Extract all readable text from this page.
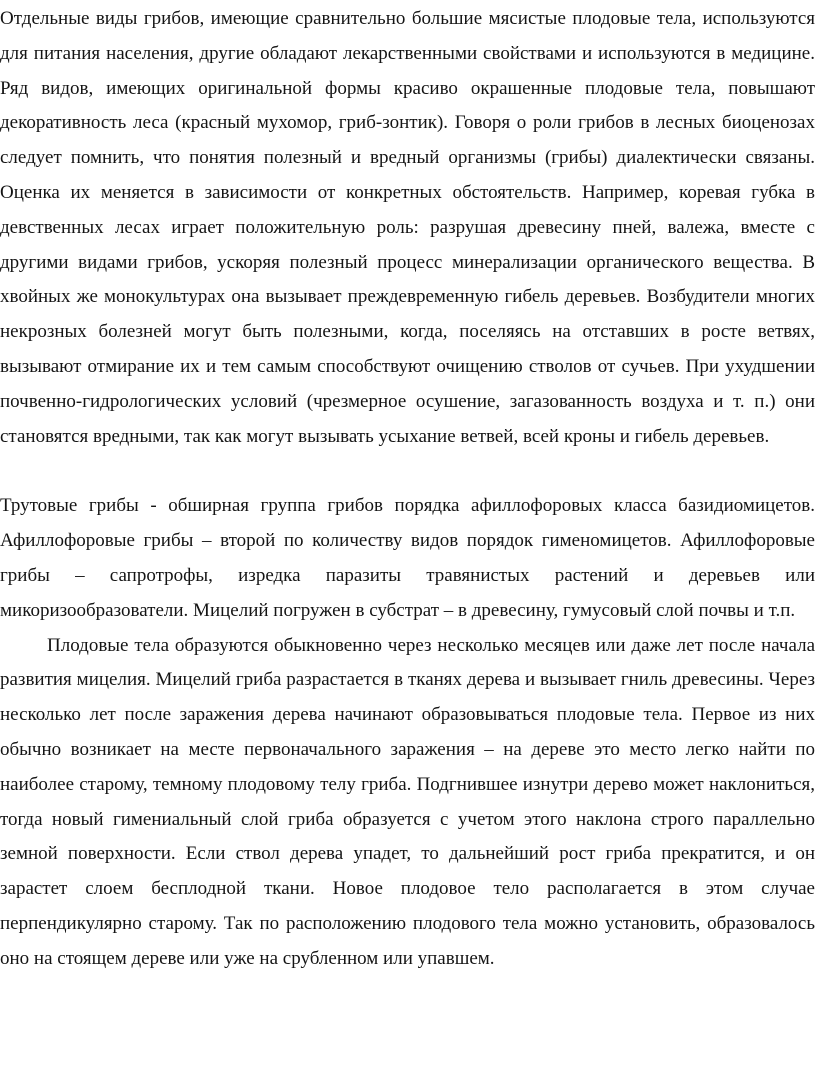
Отдельные виды грибов, имеющие сравнительно большие мясистые плодовые тела, используются для питания населения, другие обладают лекарственными свойствами и используются в медицине. Ряд видов, имеющих оригинальной формы красиво окрашенные плодовые тела, повышают декоративность леса (красный мухомор, гриб-зонтик). Говоря о роли грибов в лесных биоценозах следует помнить, что понятия полезный и вредный организмы (грибы) диалектически связаны. Оценка их меняется в зависимости от конкретных обстоятельств. Например, коревая губка в девственных лесах играет положительную роль: разрушая древесину пней, валежа, вместе с другими видами грибов, ускоряя полезный процесс минерализации органического вещества. В хвойных же монокультурах она вызывает преждевременную гибель деревьев. Возбудители многих некрозных болезней могут быть полезными, когда, поселяясь на отставших в росте ветвях, вызывают отмирание их и тем самым способствуют очищению стволов от сучьев. При ухудшении почвенно-гидрологических условий (чрезмерное осушение, загазованность воздуха и т. п.) они становятся вредными, так как могут вызывать усыхание ветвей, всей кроны и гибель деревьев.

Трутовые грибы - обширная группа грибов порядка афиллофоровых класса базидиомицетов. Афиллофоровые грибы – второй по количеству видов порядок гименомицетов. Афиллофоровые грибы – сапротрофы, изредка паразиты травянистых растений и деревьев или микоризообразователи. Мицелий погружен в субстрат – в древесину, гумусовый слой почвы и т.п.

Плодовые тела образуются обыкновенно через несколько месяцев или даже лет после начала развития мицелия. Мицелий гриба разрастается в тканях дерева и вызывает гниль древесины. Через несколько лет после заражения дерева начинают образовываться плодовые тела. Первое из них обычно возникает на месте первоначального заражения – на дереве это место легко найти по наиболее старому, темному плодовому телу гриба. Подгнившее изнутри дерево может наклониться, тогда новый гимениальный слой гриба образуется с учетом этого наклона строго параллельно земной поверхности. Если ствол дерева упадет, то дальнейший рост гриба прекратится, и он зарастет слоем бесплодной ткани. Новое плодовое тело располагается в этом случае перпендикулярно старому. Так по расположению плодового тела можно установить, образовалось оно на стоящем дереве или уже на срубленном или упавшем.
